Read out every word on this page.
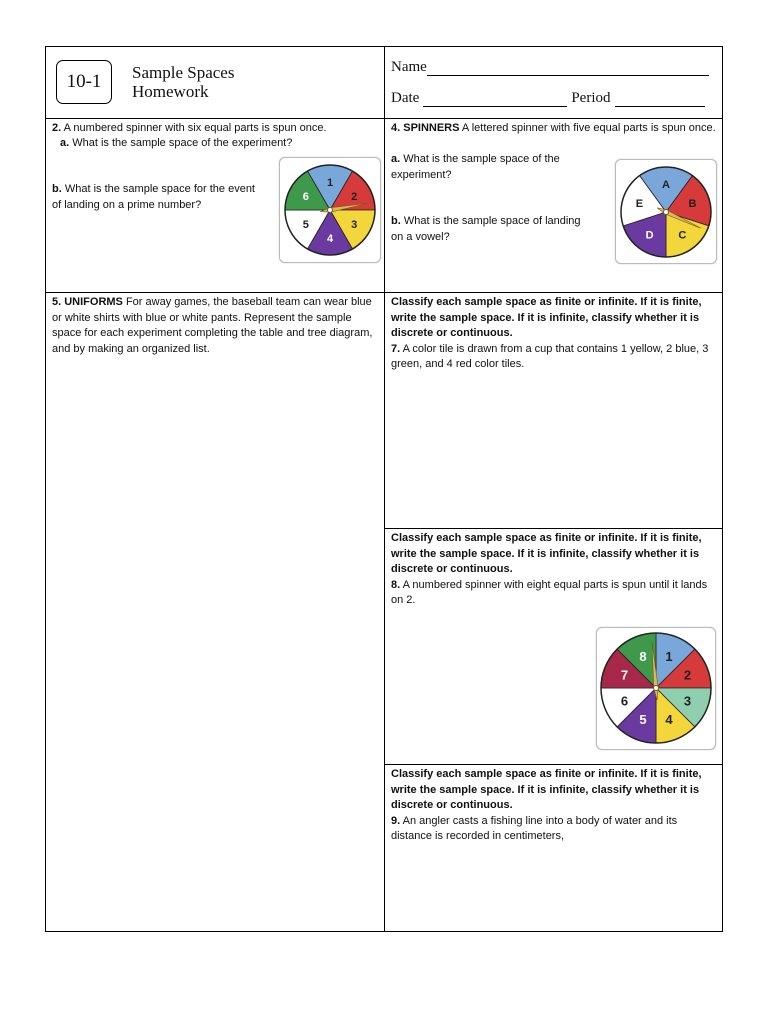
10-1	Sample Spaces
Homework
Name
Date	Period
2. A numbered spinner with six equal parts is spun once.
a. What is the sample space of the experiment?
b. What is the sample space for the event of landing on a prime number?
1
2
3
4
5
6
4. SPINNERS A lettered spinner with five equal parts is spun once.
a. What is the sample space of the experiment?
b. What is the sample space of landing on a vowel?
A
B
C
D
E
5. UNIFORMS For away games, the baseball team can wear blue or white shirts with blue or white pants. Represent the sample space for each experiment completing the table and tree diagram, and by making an organized list.
Classify each sample space as finite or infinite. If it is finite, write the sample space. If it is infinite, classify whether it is discrete or continuous.
7. A color tile is drawn from a cup that contains 1 yellow, 2 blue, 3 green, and 4 red color tiles.
Classify each sample space as finite or infinite. If it is finite, write the sample space. If it is infinite, classify whether it is discrete or continuous.
8. A numbered spinner with eight equal parts is spun until it lands on 2.
1
2
3
4
5
6
7
8
Classify each sample space as finite or infinite. If it is finite, write the sample space. If it is infinite, classify whether it is discrete or continuous.
9. An angler casts a fishing line into a body of water and its distance is recorded in centimeters,
